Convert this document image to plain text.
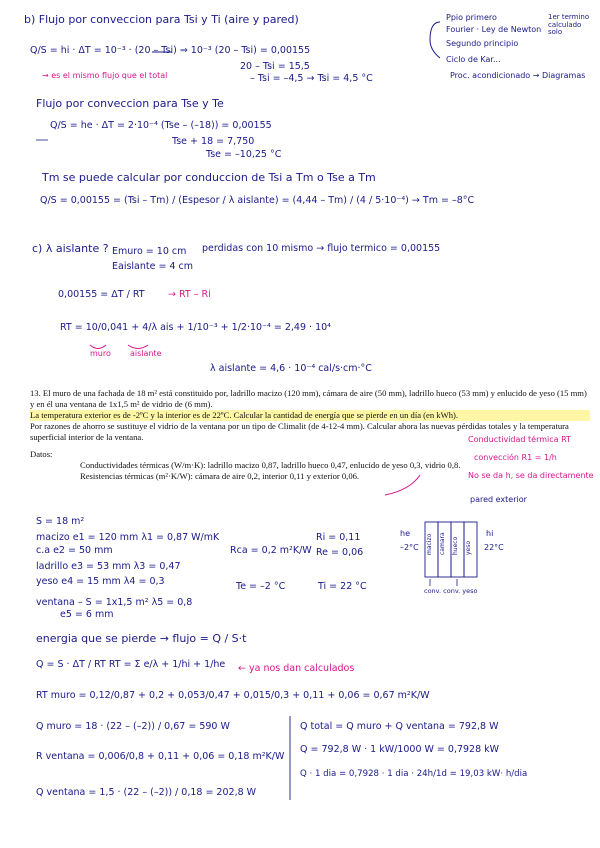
Ppio primero
Fourier · Ley de Newton
Segundo principio
Ciclo de Kar...
Proc. acondicionado → Diagramas
1er termino
calculado
solo
b) Flujo por conveccion para Tsi y Ti (aire y pared)
Q/S = hi · ΔT = 10⁻³ · (20 – Tsi) ⇒ 10⁻³ (20 – Tsi) = 0,00155
20 – Tsi = 15,5
– Tsi = –4,5 → Tsi = 4,5 °C
→ es el mismo flujo que el total
Flujo por conveccion para Tse y Te
Q/S = he · ΔT = 2·10⁻⁴ (Tse – (–18)) = 0,00155
Tse + 18 = 7,750
Tse = –10,25 °C
Tm se puede calcular por conduccion de Tsi a Tm o Tse a Tm
Q/S = 0,00155 = (Tsi – Tm) / (Espesor / λ aislante) = (4,44 – Tm) / (4 / 5·10⁻⁴) → Tm = –8°C
c) λ aislante ? Emuro = 10 cm
Eaislante = 4 cm
perdidas con 10 mismo → flujo termico = 0,00155
0,00155 = ΔT / RT → RT – Ri
RT = 10/0,041 + 4/λ ais + 1/10⁻³ + 1/2·10⁻⁴ = 2,49 · 10⁴
muro aislante
λ aislante = 4,6 · 10⁻⁴ cal/s·cm·°C

13. El muro de una fachada de 18 m² está constituido por, ladrillo macizo (120 mm), cámara de aire (50 mm), ladrillo hueco (53 mm) y enlucido de yeso (15 mm) y en él una ventana de 1x1,5 m² de vidrio de (6 mm).

La temperatura exterior es de -2ºC y la interior es de 22ºC. Calcular la cantidad de energía que se pierde en un día (en kWh).

Por razones de ahorro se sustituye el vidrio de la ventana por un tipo de Climalit (de 4-12-4 mm). Calcular ahora las nuevas pérdidas totales y la temperatura superficial interior de la ventana.

Datos:

Conductividades térmicas (W/m·K): ladrillo macizo 0,87, ladrillo hueco 0,47, enlucido de yeso 0,3, vidrio 0,8.

Resistencias térmicas (m²·K/W): cámara de aire 0,2, interior 0,11 y exterior 0,06.

Conductividad térmica RT
convección R1 = 1/h
No se da h, se da directamente
S = 18 m²
macizo e1 = 120 mm λ1 = 0,87 W/mK
c.a e2 = 50 mm
ladrillo e3 = 53 mm λ3 = 0,47
yeso e4 = 15 mm λ4 = 0,3
ventana – S = 1x1,5 m² λ5 = 0,8
e5 = 6 mm
Rca = 0,2 m²K/W
Ri = 0,11
Re = 0,06
Te = –2 °C	Ti = 22 °C
pared exterior
he
–2°C
hi
22°C
macizo camara hueco yeso
conv. conv. yeso
energia que se pierde → flujo = Q / S·t
Q = S · ΔT / RT RT = Σ e/λ + 1/hi + 1/he ← ya nos dan calculados
RT muro = 0,12/0,87 + 0,2 + 0,053/0,47 + 0,015/0,3 + 0,11 + 0,06 = 0,67 m²K/W
Q muro = 18 · (22 – (–2)) / 0,67 = 590 W
R ventana = 0,006/0,8 + 0,11 + 0,06 = 0,18 m²K/W
Q ventana = 1,5 · (22 – (–2)) / 0,18 = 202,8 W
Q total = Q muro + Q ventana = 792,8 W
Q = 792,8 W · 1 kW/1000 W = 0,7928 kW
Q · 1 dia = 0,7928 · 1 dia · 24h/1d = 19,03 kW· h/dia
